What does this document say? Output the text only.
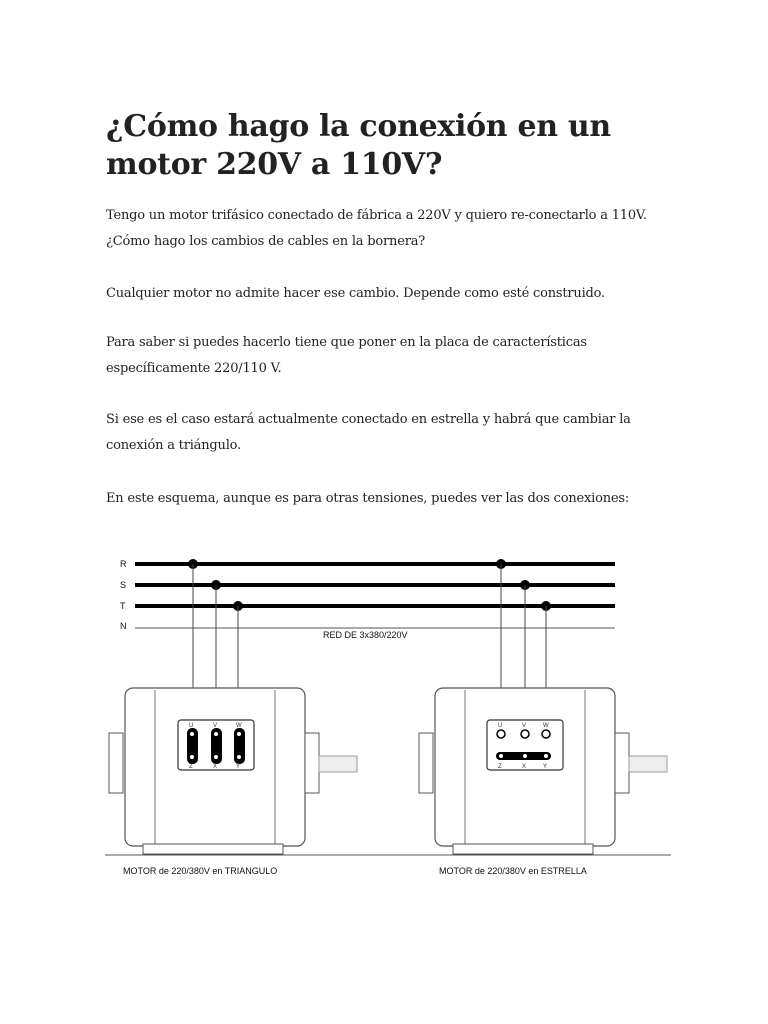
¿Cómo hago la conexión en un motor 220V a 110V?

Tengo un motor trifásico conectado de fábrica a 220V y quiero re-conectarlo a 110V. ¿Cómo hago los cambios de cables en la bornera?

Cualquier motor no admite hacer ese cambio. Depende como esté construido.

Para saber si puedes hacerlo tiene que poner en la placa de características específicamente 220/110 V.

Si ese es el caso estará actualmente conectado en estrella y habrá que cambiar la conexión a triángulo.

En este esquema, aunque es para otras tensiones, puedes ver las dos conexiones:

R
S
T
N
RED DE 3x380/220V
U	V	W
Z	X	Y
U	V	W
Z	X	Y
MOTOR de 220/380V en TRIANGULO	MOTOR de 220/380V en ESTRELLA
